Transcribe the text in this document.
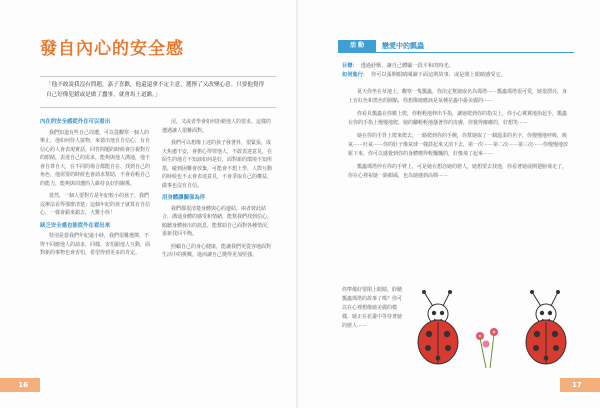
發自內心的安全感
「他不敢說我沒有問題，嘉子喜歡，他還還拿不定主意，選擇了又改變心意。只要他覺得自己好像犯錯或是做了蠢事，就會馬上道歉。」
內在的安全感從外在可以看出

我們知道有些自己周遭，可以從觀察一個人的舉止，他如何待人接物，來猜出他有自信心，有自信心的人會表現實話，回答問題的時候會注視對方的眼睛，表達自己的需求，能夠與他人溝通，他不會自尊自大，在不同的場合都能自在、找到自己的角色，他需要的時候也會請求幫助，不會看輕自己的能力，能夠與周遭的人維持良好的關係。

當然，一個人要對方是年紀較小的孩子，我們沒辦法看得那麼清楚；這個年紀的孩子就算有自信心，一樣會錯來錯去，大驚小怪！

缺乏安全感也能從外在看出來

特別是當我們年紀還小時，我們很難選擇，不得不回應他人的請求，同樣，害怕跟他人互動，面對新的事物也會害怕，希望得到更多的肯定。

況，又或者學會如何拒絕他人的要求，這樣的遭遇讓人很難面對。

我們可以想像上述的孩子發著抖，很緊張，成天焦慮不安，會擔心得罪他人，不敢表達意見，在陌生的地方不知該如何是好，面對新的環境不知所措，碰到困難會放棄，可能會不想上學，人際互動的時候也不太會表達意見，不會爭取自己的權益，做事也沒有自信。

用身體讓關係為伴

我們都很清楚身體與心的連結，兩者彼此結合，溝通身體的感受和情緒，能幫我們找到信心，傾聽身體發出的訊息，能幫助自己面對各種情況，重新找回平衡。

照顧自己的身心健康，能讓我們更從容地面對生活中的挑戰，進而讓自己變得更加堅強。

16
活 動	戀愛中的瓢蟲
目標： 透過紓壓，讓自己體驗一段平和的時光。
如何進行： 你可以張開眼睛閱讀下面這則故事，或是閉上眼睛感受它。

夏天你坐在草地上，觀察一隻瓢蟲，你決定幫她取名為瑪塔⋯⋯瓢蟲瑪塔很可愛，她很漂亮，身上有紅色和黑色的圓點，你想像她應該是某種昆蟲中最美麗的⋯⋯

你看見瓢蟲在你臉上爬，你輕輕地伸出手指，讓她爬到你的指尖上，你小心翼翼地抬起手，瓢蟲在你的手指上慢慢地爬，她的腳輕輕地搔著你的皮膚，你覺得癢癢的，好想笑⋯⋯

她在你的手背上爬來爬去，一路爬到你的手腕，你幫她取了一個溫柔的名字，你慢慢地呼吸，吸氣⋯⋯吐氣⋯⋯你的肚子像氣球一樣鼓起來又消下去，第一次⋯⋯第二次⋯⋯第三次⋯⋯你慢慢地放鬆下來，你可以感覺到你的身體變得輕飄飄的，好像飛了起來⋯⋯

瓢蟲瑪塔停在你的手臂上，可是她在想念她的戀人，她想要去找他，你看著她展開翅膀飛走了，你在心裡祝她一路順風，也為她感到高興⋯⋯

你準備好要閉上眼睛，聆聽瓢蟲瑪塔的故事了嗎？你可以在心裡想像她美麗的模樣，她正在花叢中等待著她的戀人⋯⋯
17
